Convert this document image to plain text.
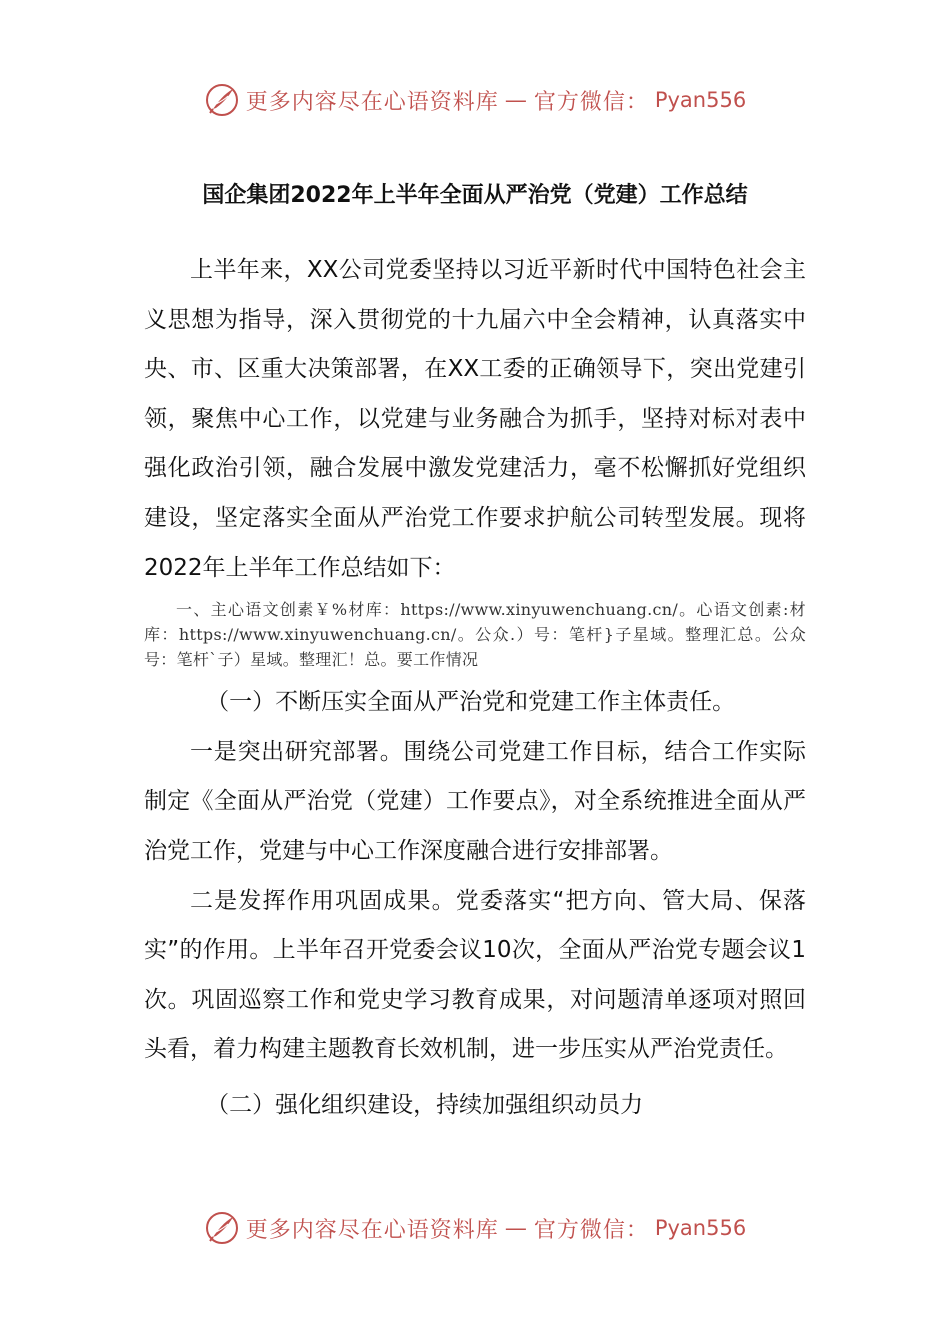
更多内容尽在心语资料库 — 官方微信： Pyan556
国企集团2022年上半年全面从严治党（党建）工作总结

上半年来，XX公司党委坚持以习近平新时代中国特色社会主义思想为指导，深入贯彻党的十九届六中全会精神，认真落实中央、市、区重大决策部署，在XX工委的正确领导下，突出党建引领，聚焦中心工作，以党建与业务融合为抓手，坚持对标对表中强化政治引领，融合发展中激发党建活力，毫不松懈抓好党组织建设，坚定落实全面从严治党工作要求护航公司转型发展。现将2022年上半年工作总结如下：

一、主心语文创素￥%材库：https://www.xinyuwenchuang.cn/。心语文创素:材库：https://www.xinyuwenchuang.cn/。公众.）号：笔杆}子星域。整理汇总。公众号：笔杆`子）星域。整理汇！总。要工作情况

（一）不断压实全面从严治党和党建工作主体责任。

一是突出研究部署。围绕公司党建工作目标，结合工作实际制定《全面从严治党（党建）工作要点》，对全系统推进全面从严治党工作，党建与中心工作深度融合进行安排部署。

二是发挥作用巩固成果。党委落实“把方向、管大局、保落实”的作用。上半年召开党委会议10次，全面从严治党专题会议1次。巩固巡察工作和党史学习教育成果，对问题清单逐项对照回头看，着力构建主题教育长效机制，进一步压实从严治党责任。

（二）强化组织建设，持续加强组织动员力

更多内容尽在心语资料库 — 官方微信： Pyan556
